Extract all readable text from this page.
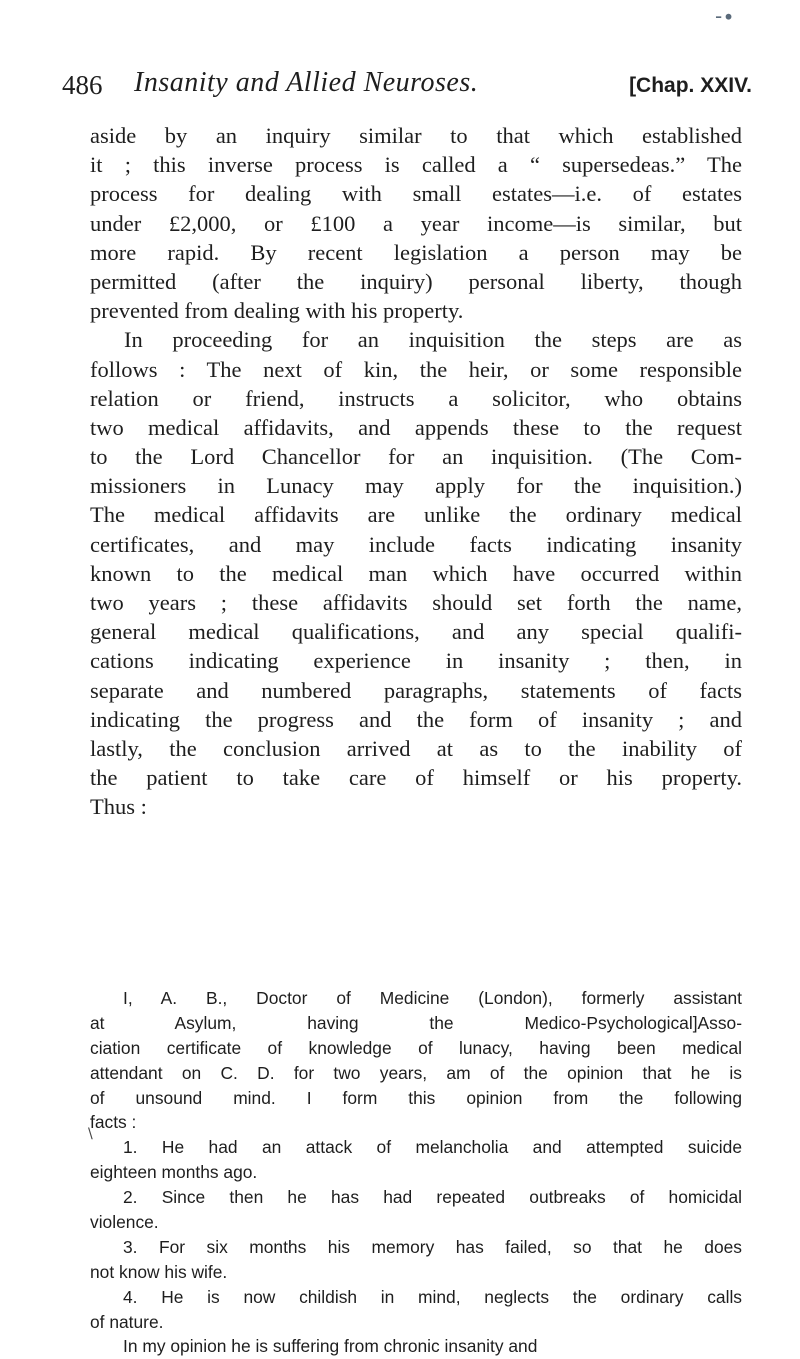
-∙
486 Insanity and Allied Neuroses.	[Chap. XXIV.
aside by an inquiry similar to that which established
it ; this inverse process is called a “ supersedeas.” The
process for dealing with small estates—i.e. of estates
under £2,000, or £100 a year income—is similar, but
more rapid. By recent legislation a person may be
permitted (after the inquiry) personal liberty, though
prevented from dealing with his property.
In proceeding for an inquisition the steps are as
follows : The next of kin, the heir, or some responsible
relation or friend, instructs a solicitor, who obtains
two medical affidavits, and appends these to the request
to the Lord Chancellor for an inquisition. (The Com-
missioners in Lunacy may apply for the inquisition.)
The medical affidavits are unlike the ordinary medical
certificates, and may include facts indicating insanity
known to the medical man which have occurred within
two years ; these affidavits should set forth the name,
general medical qualifications, and any special qualifi-
cations indicating experience in insanity ; then, in
separate and numbered paragraphs, statements of facts
indicating the progress and the form of insanity ; and
lastly, the conclusion arrived at as to the inability of
the patient to take care of himself or his property.
Thus :
I, A. B., Doctor of Medicine (London), formerly assistant
at Asylum, having the Medico-Psychological]Asso-
ciation certificate of knowledge of lunacy, having been medical
attendant on C. D. for two years, am of the opinion that he is
of unsound mind. I form this opinion from the following
facts :
1. He had an attack of melancholia and attempted suicide
eighteen months ago.
2. Since then he has had repeated outbreaks of homicidal
violence.
3. For six months his memory has failed, so that he does
not know his wife.
4. He is now childish in mind, neglects the ordinary calls
of nature.
In my opinion he is suffering from chronic insanity and
\
